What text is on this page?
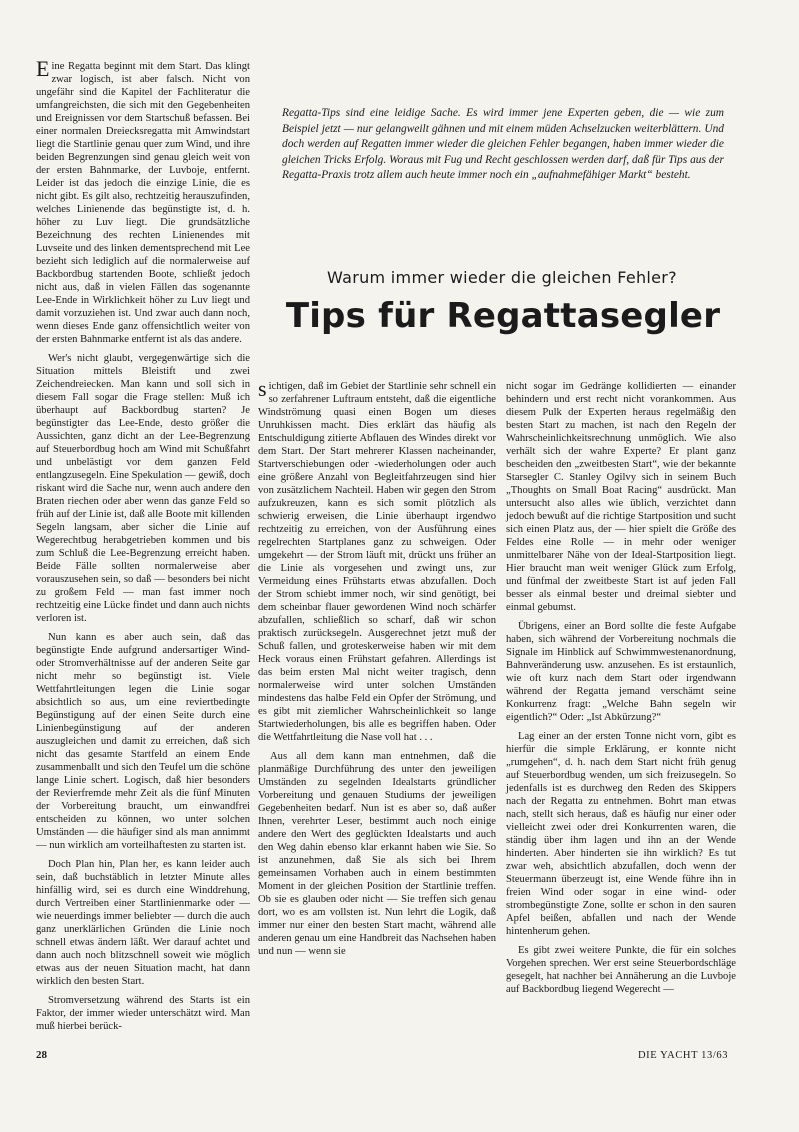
Eine Regatta beginnt mit dem Start. Das klingt zwar logisch, ist aber falsch. Nicht von ungefähr sind die Kapitel der Fachliteratur die umfangreichsten, die sich mit den Gegebenheiten und Ereignissen vor dem Startschuß befassen. Bei einer normalen Dreiecksregatta mit Amwindstart liegt die Startlinie genau quer zum Wind, und ihre beiden Begrenzungen sind genau gleich weit von der ersten Bahnmarke, der Luvboje, entfernt. Leider ist das jedoch die einzige Linie, die es nicht gibt. Es gilt also, rechtzeitig herauszufinden, welches Linienende das begünstigte ist, d. h. höher zu Luv liegt. Die grundsätzliche Bezeichnung des rechten Linienendes mit Luvseite und des linken dementsprechend mit Lee bezieht sich lediglich auf die normalerweise auf Backbordbug startenden Boote, schließt jedoch nicht aus, daß in vielen Fällen das sogenannte Lee-Ende in Wirklichkeit höher zu Luv liegt und damit vorzuziehen ist. Und zwar auch dann noch, wenn dieses Ende ganz offensichtlich weiter von der ersten Bahnmarke entfernt ist als das andere.

Wer's nicht glaubt, vergegenwärtige sich die Situation mittels Bleistift und zwei Zeichendreiecken. Man kann und soll sich in diesem Fall sogar die Frage stellen: Muß ich überhaupt auf Backbordbug starten? Je begünstigter das Lee-Ende, desto größer die Aussichten, ganz dicht an der Lee-Begrenzung auf Steuerbordbug hoch am Wind mit Schußfahrt und unbelästigt vor dem ganzen Feld entlangzusegeln. Eine Spekulation — gewiß, doch riskant wird die Sache nur, wenn auch andere den Braten riechen oder aber wenn das ganze Feld so früh auf der Linie ist, daß alle Boote mit killenden Segeln langsam, aber sicher die Linie auf Wegerechtbug herabgetrieben kommen und bis zum Schluß die Lee-Begrenzung erreicht haben. Beide Fälle sollten normalerweise aber vorauszusehen sein, so daß — besonders bei nicht zu großem Feld — man fast immer noch rechtzeitig eine Lücke findet und dann auch nichts verloren ist.

Nun kann es aber auch sein, daß das begünstigte Ende aufgrund andersartiger Wind- oder Stromverhältnisse auf der anderen Seite gar nicht mehr so begünstigt ist. Viele Wettfahrtleitungen legen die Linie sogar absichtlich so aus, um eine reviertbedingte Begünstigung auf der einen Seite durch eine Linienbegünstigung auf der anderen auszugleichen und damit zu erreichen, daß sich nicht das gesamte Startfeld an einem Ende zusammenballt und sich den Teufel um die schöne lange Linie schert. Logisch, daß hier besonders der Revierfremde mehr Zeit als die fünf Minuten der Vorbereitung braucht, um einwandfrei entscheiden zu können, wo unter solchen Umständen — die häufiger sind als man annimmt — nun wirklich am vorteilhaftesten zu starten ist.

Doch Plan hin, Plan her, es kann leider auch sein, daß buchstäblich in letzter Minute alles hinfällig wird, sei es durch eine Winddrehung, durch Vertreiben einer Startlinienmarke oder — wie neuerdings immer beliebter — durch die auch ganz unerklärlichen Gründen die Linie noch schnell etwas ändern läßt. Wer darauf achtet und dann auch noch blitzschnell soweit wie möglich etwas aus der neuen Situation macht, hat dann wirklich den besten Start.

Stromversetzung während des Starts ist ein Faktor, der immer wieder unterschätzt wird. Man muß hierbei berück-

Regatta-Tips sind eine leidige Sache. Es wird immer jene Experten geben, die — wie zum Beispiel jetzt — nur gelangweilt gähnen und mit einem müden Achselzucken weiterblättern. Und doch werden auf Regatten immer wieder die gleichen Fehler begangen, haben immer wieder die gleichen Tricks Erfolg. Woraus mit Fug und Recht geschlossen werden darf, daß für Tips aus der Regatta-Praxis trotz allem auch heute immer noch ein „aufnahmefähiger Markt“ besteht.
Warum immer wieder die gleichen Fehler?
Tips für Regattasegler

sichtigen, daß im Gebiet der Startlinie sehr schnell ein so zerfahrener Luftraum entsteht, daß die eigentliche Windströmung quasi einen Bogen um dieses Unruhkissen macht. Dies erklärt das häufig als Entschuldigung zitierte Abflauen des Windes direkt vor dem Start. Der Start mehrerer Klassen nacheinander, Startverschiebungen oder -wiederholungen oder auch eine größere Anzahl von Begleitfahrzeugen sind hier von zusätzlichem Nachteil. Haben wir gegen den Strom aufzukreuzen, kann es sich somit plötzlich als schwierig erweisen, die Linie überhaupt irgendwo rechtzeitig zu erreichen, von der Ausführung eines regelrechten Startplanes ganz zu schweigen. Oder umgekehrt — der Strom läuft mit, drückt uns früher an die Linie als vorgesehen und zwingt uns, zur Vermeidung eines Frühstarts etwas abzufallen. Doch der Strom schiebt immer noch, wir sind genötigt, bei dem scheinbar flauer gewordenen Wind noch schärfer abzufallen, schließlich so scharf, daß wir schon praktisch zurücksegeln. Ausgerechnet jetzt muß der Schuß fallen, und groteskerweise haben wir mit dem Heck voraus einen Frühstart gefahren. Allerdings ist das beim ersten Mal nicht weiter tragisch, denn normalerweise wird unter solchen Umständen mindestens das halbe Feld ein Opfer der Strömung, und es gibt mit ziemlicher Wahrscheinlichkeit so lange Startwiederholungen, bis alle es begriffen haben. Oder die Wettfahrtleitung die Nase voll hat . . .

Aus all dem kann man entnehmen, daß die planmäßige Durchführung des unter den jeweiligen Umständen zu segelnden Idealstarts gründlicher Vorbereitung und genauen Studiums der jeweiligen Gegebenheiten bedarf. Nun ist es aber so, daß außer Ihnen, verehrter Leser, bestimmt auch noch einige andere den Wert des geglückten Idealstarts und auch den Weg dahin ebenso klar erkannt haben wie Sie. So ist anzunehmen, daß Sie als sich bei Ihrem gemeinsamen Vorhaben auch in einem bestimmten Moment in der gleichen Position der Startlinie treffen. Ob sie es glauben oder nicht — Sie treffen sich genau dort, wo es am vollsten ist. Nun lehrt die Logik, daß immer nur einer den besten Start macht, während alle anderen genau um eine Handbreit das Nachsehen haben und nun — wenn sie

nicht sogar im Gedränge kollidierten — einander behindern und erst recht nicht vorankommen. Aus diesem Pulk der Experten heraus regelmäßig den besten Start zu machen, ist nach den Regeln der Wahrscheinlichkeitsrechnung unmöglich. Wie also verhält sich der wahre Experte? Er plant ganz bescheiden den „zweitbesten Start“, wie der bekannte Starsegler C. Stanley Ogilvy sich in seinem Buch „Thoughts on Small Boat Racing“ ausdrückt. Man untersucht also alles wie üblich, verzichtet dann jedoch bewußt auf die richtige Startposition und sucht sich einen Platz aus, der — hier spielt die Größe des Feldes eine Rolle — in mehr oder weniger unmittelbarer Nähe von der Ideal-Startposition liegt. Hier braucht man weit weniger Glück zum Erfolg, und fünfmal der zweitbeste Start ist auf jeden Fall besser als einmal bester und dreimal siebter und einmal gebumst.

Übrigens, einer an Bord sollte die feste Aufgabe haben, sich während der Vorbereitung nochmals die Signale im Hinblick auf Schwimmwestenanordnung, Bahnveränderung usw. anzusehen. Es ist erstaunlich, wie oft kurz nach dem Start oder irgendwann während der Regatta jemand verschämt seine Konkurrenz fragt: „Welche Bahn segeln wir eigentlich?“ Oder: „Ist Abkürzung?“

Lag einer an der ersten Tonne nicht vorn, gibt es hierfür die simple Erklärung, er konnte nicht „rumgehen“, d. h. nach dem Start nicht früh genug auf Steuerbordbug wenden, um sich freizusegeln. So jedenfalls ist es durchweg den Reden des Skippers nach der Regatta zu entnehmen. Bohrt man etwas nach, stellt sich heraus, daß es häufig nur einer oder vielleicht zwei oder drei Konkurrenten waren, die ständig über ihm lagen und ihn an der Wende hinderten. Aber hinderten sie ihn wirklich? Es tut zwar weh, absichtlich abzufallen, doch wenn der Steuermann überzeugt ist, eine Wende führe ihn in freien Wind oder sogar in eine wind- oder strombegünstigte Zone, sollte er schon in den sauren Apfel beißen, abfallen und nach der Wende hintenherum gehen.

Es gibt zwei weitere Punkte, die für ein solches Vorgehen sprechen. Wer erst seine Steuerbordschläge gesegelt, hat nachher bei Annäherung an die Luvboje auf Backbordbug liegend Wegerecht —

28	DIE YACHT 13/63
